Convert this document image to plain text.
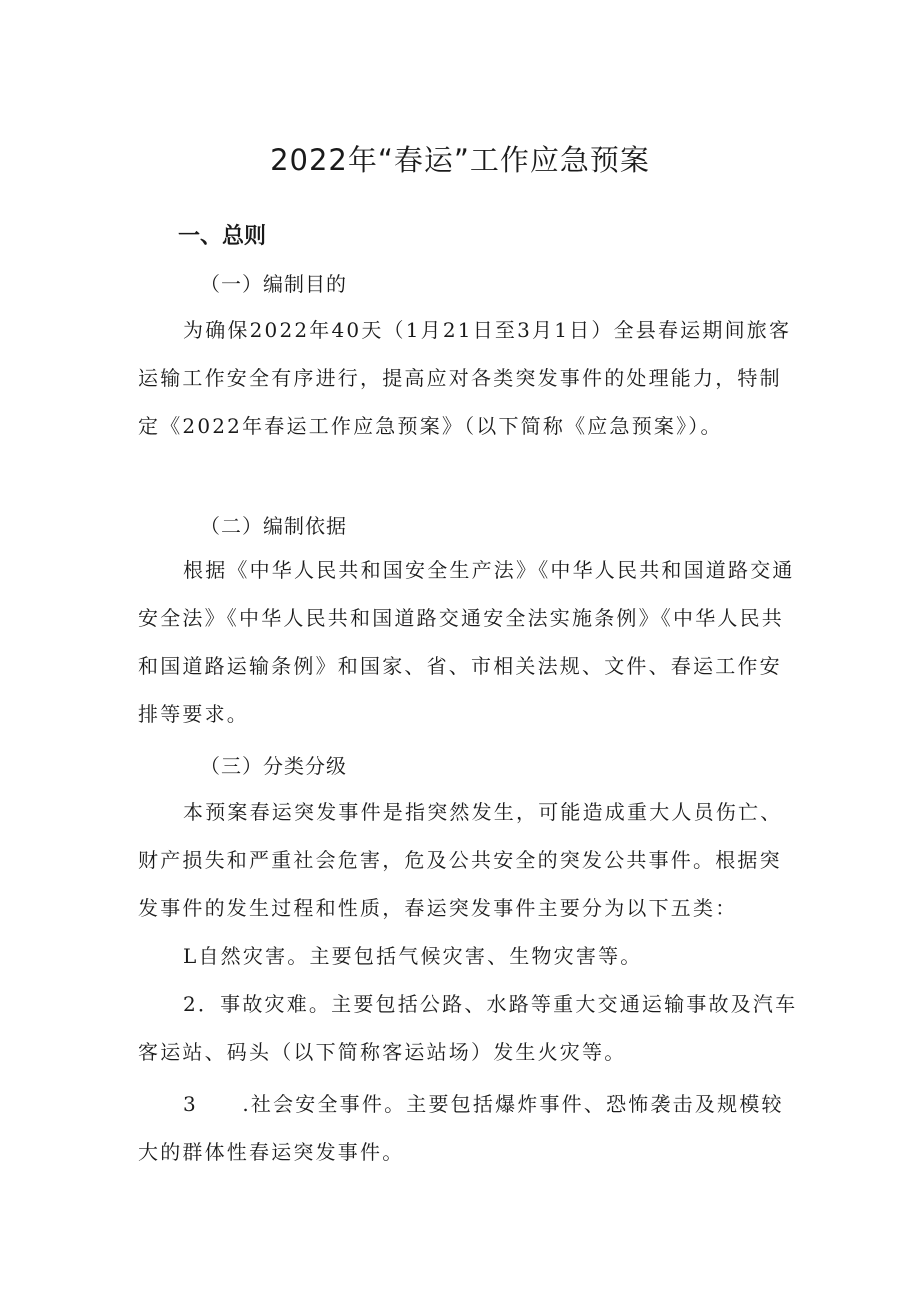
2022年“春运”工作应急预案
一、总则

（一）编制目的

为确保2022年40天（1月21日至3月1日）全县春运期间旅客运输工作安全有序进行，提高应对各类突发事件的处理能力，特制定《2022年春运工作应急预案》（以下简称《应急预案》）。

（二）编制依据

根据《中华人民共和国安全生产法》《中华人民共和国道路交通安全法》《中华人民共和国道路交通安全法实施条例》《中华人民共和国道路运输条例》和国家、省、市相关法规、文件、春运工作安排等要求。

（三）分类分级

本预案春运突发事件是指突然发生，可能造成重大人员伤亡、财产损失和严重社会危害，危及公共安全的突发公共事件。根据突发事件的发生过程和性质，春运突发事件主要分为以下五类：

L自然灾害。主要包括气候灾害、生物灾害等。

2．事故灾难。主要包括公路、水路等重大交通运输事故及汽车客运站、码头（以下简称客运站场）发生火灾等。

3　　.社会安全事件。主要包括爆炸事件、恐怖袭击及规模较大的群体性春运突发事件。
